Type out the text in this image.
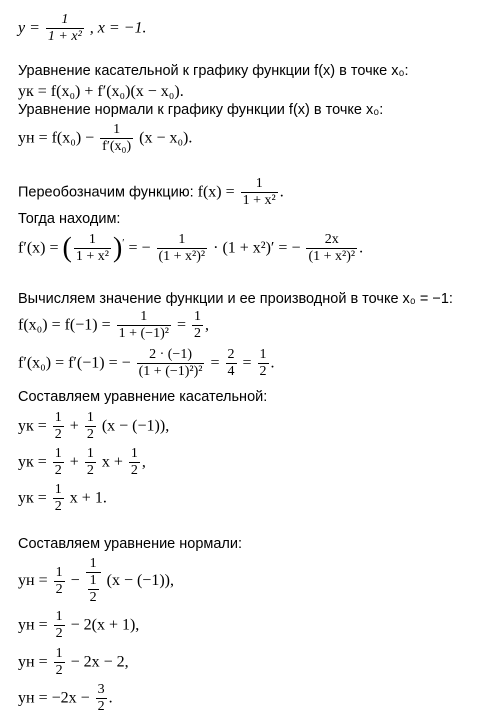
$y = \frac{1}{\text{1 + x²}}$ , x = −1.
Уравнение касательной к графику функции f(x) в точке x₀:
yк = f(x₀) + f′(x₀)(x − x₀).
Уравнение нормали к графику функции f(x) в точке x₀:
yн = $f(x_0) - \frac{1}{\text{f′(x₀)}} (x - x_0)$.
Переобозначим функцию: $f(x) = \frac{1}{\text{1 + x²}}$ .
Тогда находим:
f′(x) = ( $\frac{1}{\text{1 + x²}} )'$ = − $\frac{1}{\text{(1 + x²)²}} \cdot (1 + x^2)'$ = − $\frac{2x}{\text{(1 + x²)²}}$ .
Вычисляем значение функции и ее производной в точке x₀ = −1:
$f(x_0) = f(-1) = \frac{1}{\text{1 + (−1)²}} = \frac{1}{2}$ ,
f′(x₀) = f′(−1) = − $\frac{2 \cdot (-1)}{\text{(1 + (−1)²)²}} = \frac{2}{4} = \frac{1}{2}$ .
Составляем уравнение касательной:
yк = $\frac{1}{2} + \frac{1}{2} (x - (-1))$,
yк = $\frac{1}{2} + \frac{1}{2}$ $x + \frac{1}{2}$ ,
yк = $\frac{1}{2}$ x + 1.
Составляем уравнение нормали:
yн = $\frac{1}{2} - \frac{1}{\frac{1}{2}} (x - (-1))$,
yн = $\frac{1}{2} - 2(x + 1)$,
yн = $\frac{1}{2} - 2x - 2$,
yн = $-2x - \frac{3}{2}$ .
